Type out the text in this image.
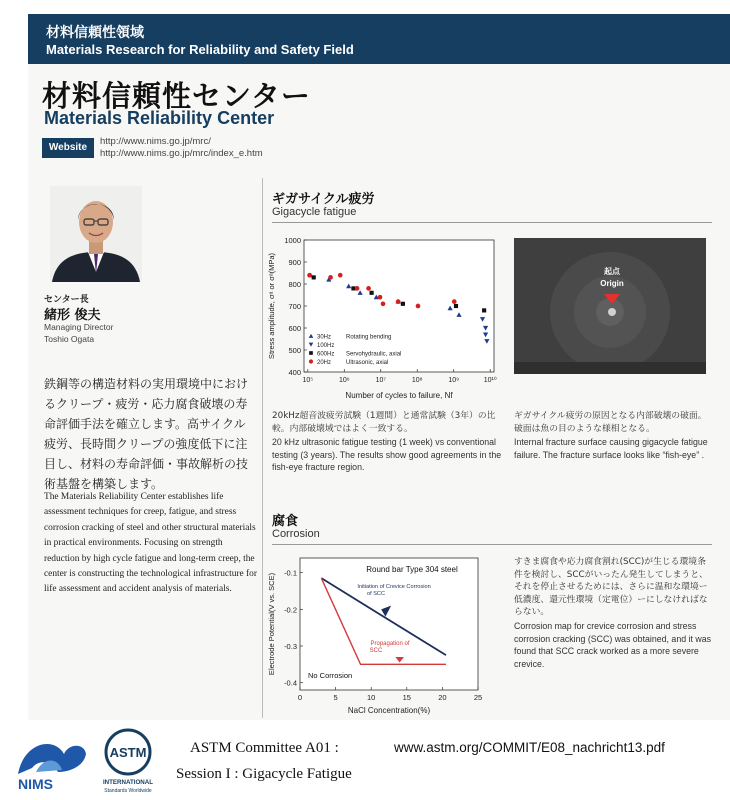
材料信頼性領域
Materials Research for Reliability and Safety Field
材料信頼性センター
Materials Reliability Center
Website
http://www.nims.go.jp/mrc/
http://www.nims.go.jp/mrc/index_e.htm
センター長
緒形 俊夫
Managing Director
Toshio Ogata
鉄鋼等の構造材料の実用環境中におけるクリープ・疲労・応力腐食破壊の寿命評価手法を確立します。高サイクル疲労、長時間クリープの強度低下に注目し、材料の寿命評価・事故解析の技術基盤を構築します。
The Materials Reliability Center establishes life assessment techniques for creep, fatigue, and stress corrosion cracking of steel and other structural materials in practical environments. Focusing on strength reduction by high cycle fatigue and long-term creep, the center is constructing the technological infrastructure for life assessment and accident analysis of materials.
ギガサイクル疲労
Gigacycle fatigue
400
500
600
700
800
900
1000
10⁵	10⁶	10⁷	10⁸	10⁹	10¹⁰
30Hz Rotating bending
100Hz
600Hz Servohydraulic, axial
20Hz Ultrasonic, axial
Number of cycles to failure, Nf
Stress amplitude, σᵃ or σᵃ(MPa)	起点
Origin
20kHz超音波疲労試験（1週間）と通常試験（3年）の比較。内部破壊域ではよく一致する。
20 kHz ultrasonic fatigue testing (1 week) vs conventional testing (3 years). The results show good agreements in the fish-eye fracture region.
ギガサイクル疲労の原因となる内部破壊の破面。破面は魚の目のような様相となる。
Internal fracture surface causing gigacycle fatigue failure. The fracture surface looks like “fish-eye” .
腐食
Corrosion
-0.1
-0.2
-0.3
-0.4
0	5	10	15	20	25
Round bar Type 304 steel
Initiation of Crevice Corrosion
of SCC
Propagation of
SCC
No Corrosion
NaCl Concentration(%)
Electrode Potential(V vs. SCE)
すきま腐食や応力腐食割れ(SCC)が生じる環境条件を検討し、SCCがいったん発生してしまうと、それを停止させるためには、さらに温和な環境ー低濃度、還元性環境（定電位）ーにしなければならない。
Corrosion map for crevice corrosion and stress corrosion cracking (SCC) was obtained, and it was found that SCC crack worked as a more severe crevice.
NIMS
ASTM
INTERNATIONAL
Standards Worldwide
ASTM Committee A01 :
Session I : Gigacycle Fatigue
www.astm.org/COMMIT/E08_nachricht13.pdf
